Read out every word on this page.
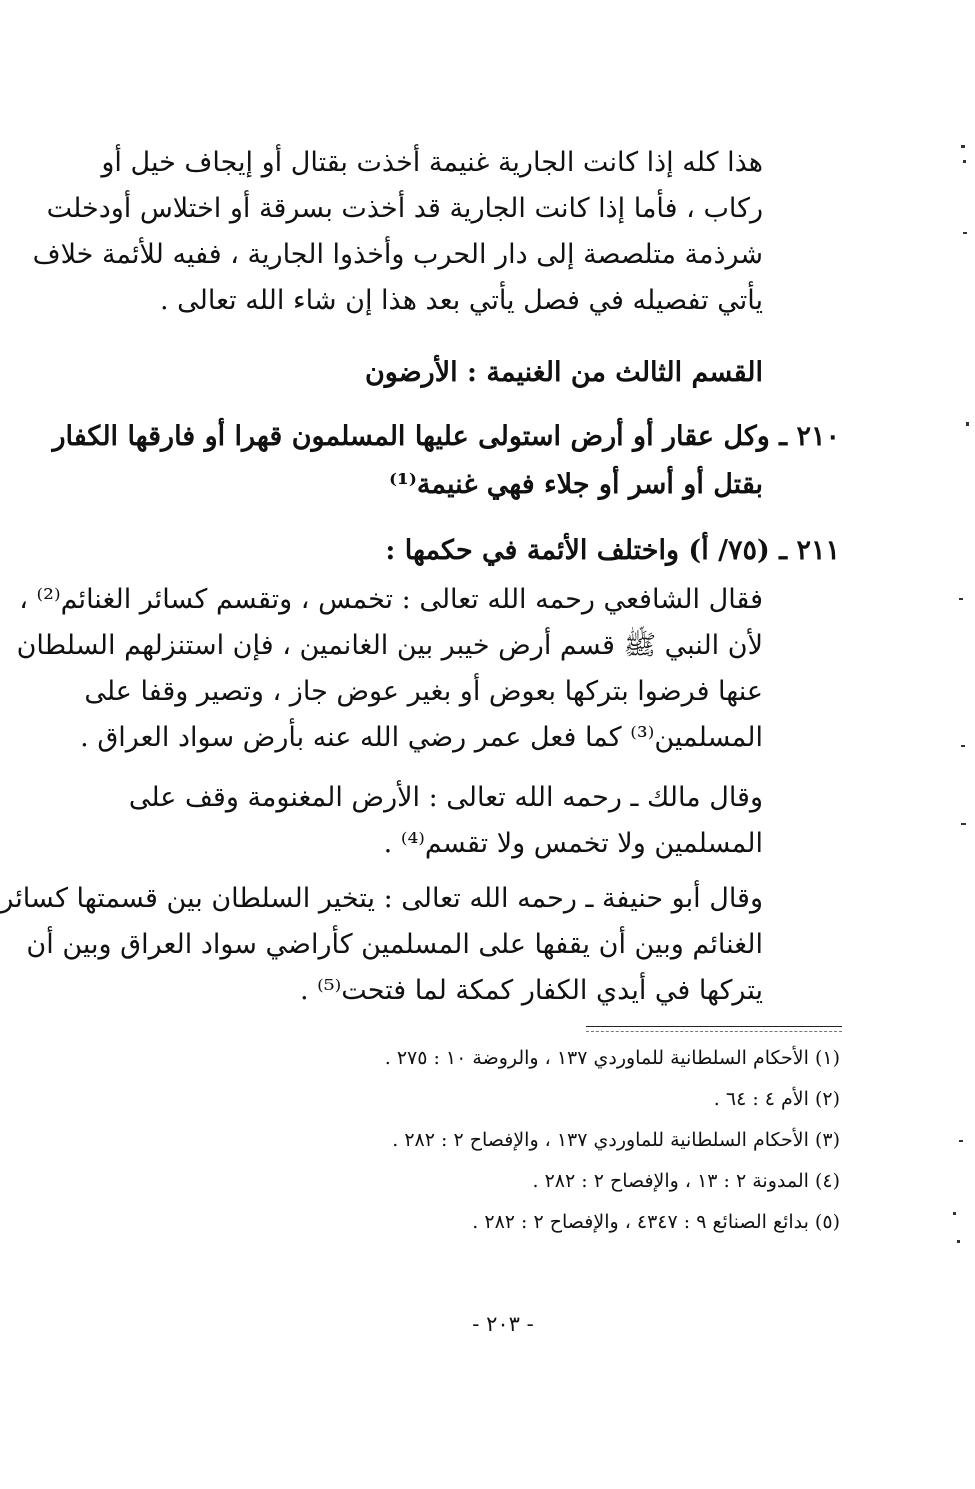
هذا كله إذا كانت الجارية غنيمة أخذت بقتال أو إيجاف خيل أو
ركاب ، فأما إذا كانت الجارية قد أخذت بسرقة أو اختلاس أودخلت
شرذمة متلصصة إلى دار الحرب وأخذوا الجارية ، ففيه للأئمة خلاف
يأتي تفصيله في فصل يأتي بعد هذا إن شاء الله تعالى .
القسم الثالث من الغنيمة : الأرضون
٢١٠ ـ وكل عقار أو أرض استولى عليها المسلمون قهرا أو فارقها الكفار
بقتل أو أسر أو جلاء فهي غنيمة⁽¹⁾
٢١١ ـ (٧٥/ أ) واختلف الأئمة في حكمها :
فقال الشافعي رحمه الله تعالى : تخمس ، وتقسم كسائر الغنائم⁽²⁾ ،
لأن النبي ﷺ قسم أرض خيبر بين الغانمين ، فإن استنزلهم السلطان
عنها فرضوا بتركها بعوض أو بغير عوض جاز ، وتصير وقفا على
المسلمين⁽³⁾ كما فعل عمر رضي الله عنه بأرض سواد العراق .
وقال مالك ـ رحمه الله تعالى : الأرض المغنومة وقف على
المسلمين ولا تخمس ولا تقسم⁽⁴⁾ .
وقال أبو حنيفة ـ رحمه الله تعالى : يتخير السلطان بين قسمتها كسائر
الغنائم وبين أن يقفها على المسلمين كأراضي سواد العراق وبين أن
يتركها في أيدي الكفار كمكة لما فتحت⁽⁵⁾ .
(١) الأحكام السلطانية للماوردي ١٣٧ ، والروضة ١٠ : ٢٧٥ .
(٢) الأم ٤ : ٦٤ .
(٣) الأحكام السلطانية للماوردي ١٣٧ ، والإفصاح ٢ : ٢٨٢ .
(٤) المدونة ٢ : ١٣ ، والإفصاح ٢ : ٢٨٢ .
(٥) بدائع الصنائع ٩ : ٤٣٤٧ ، والإفصاح ٢ : ٢٨٢ .
- ٢٠٣ -
